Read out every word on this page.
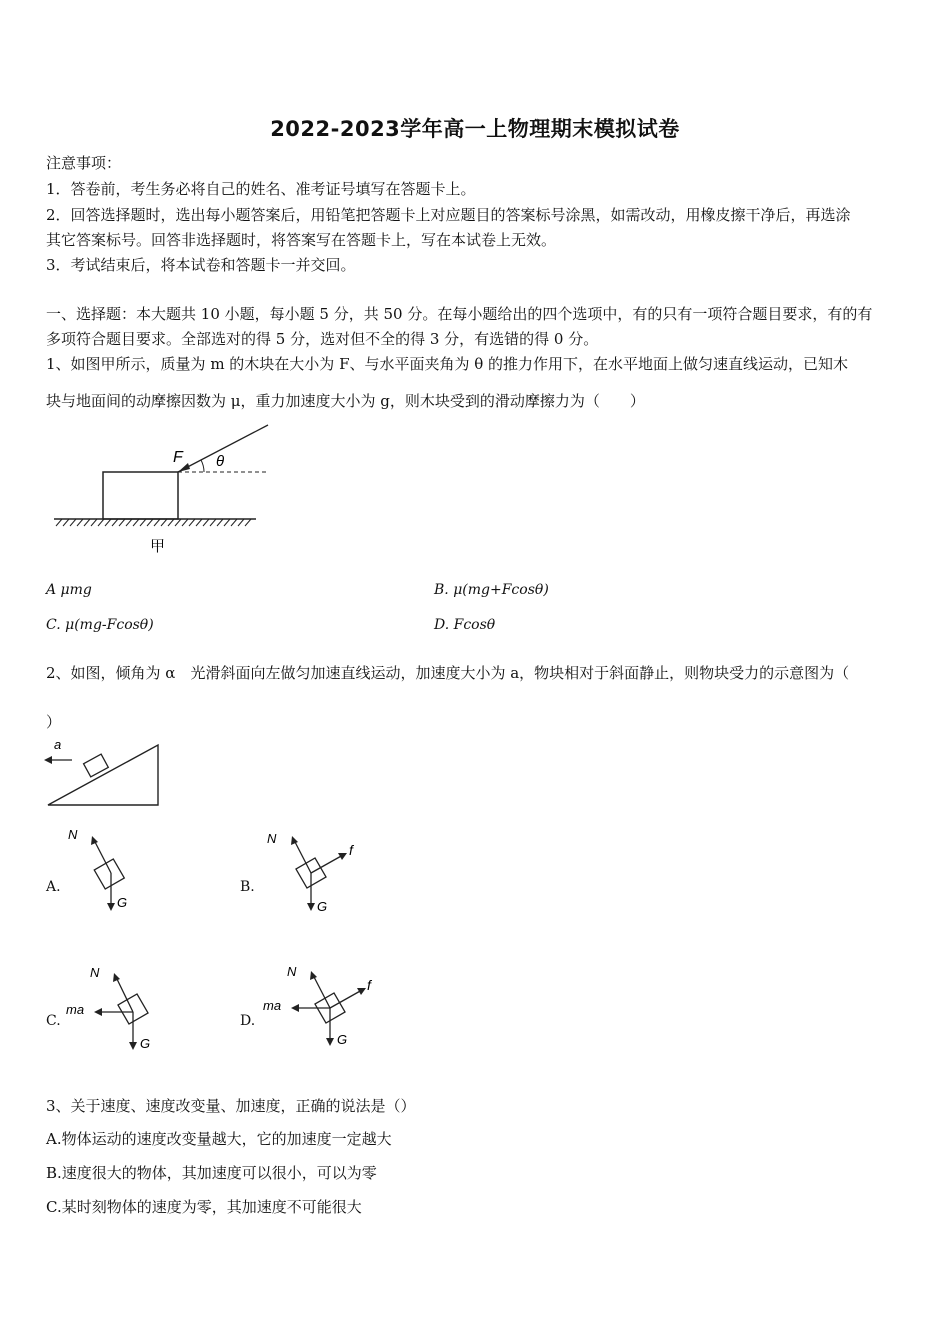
2022-2023学年高一上物理期末模拟试卷
注意事项：
1．答卷前，考生务必将自己的姓名、准考证号填写在答题卡上。
2．回答选择题时，选出每小题答案后，用铅笔把答题卡上对应题目的答案标号涂黑，如需改动，用橡皮擦干净后，再选涂
其它答案标号。回答非选择题时，将答案写在答题卡上，写在本试卷上无效。
3．考试结束后，将本试卷和答题卡一并交回。
一、选择题：本大题共 10 小题，每小题 5 分，共 50 分。在每小题给出的四个选项中，有的只有一项符合题目要求，有的有
多项符合题目要求。全部选对的得 5 分，选对但不全的得 3 分，有选错的得 0 分。
1、如图甲所示，质量为 m 的木块在大小为 F、与水平面夹角为 θ 的推力作用下，在水平地面上做匀速直线运动，已知木
块与地面间的动摩擦因数为 μ，重力加速度大小为 g，则木块受到的滑动摩擦力为（　　）
F θ
甲
A μmg	B. μ(mg+Fcosθ)
C. μ(mg-Fcosθ)	D. Fcosθ
2、如图，倾角为 α　光滑斜面向左做匀加速直线运动，加速度大小为 a，物块相对于斜面静止，则物块受力的示意图为（
）
a
A.
N
G
B.
N
G
f
C.
N
ma
G
D.
N
ma
G
f
3、关于速度、速度改变量、加速度，正确的说法是（）
A.物体运动的速度改变量越大，它的加速度一定越大
B.速度很大的物体，其加速度可以很小，可以为零
C.某时刻物体的速度为零，其加速度不可能很大
